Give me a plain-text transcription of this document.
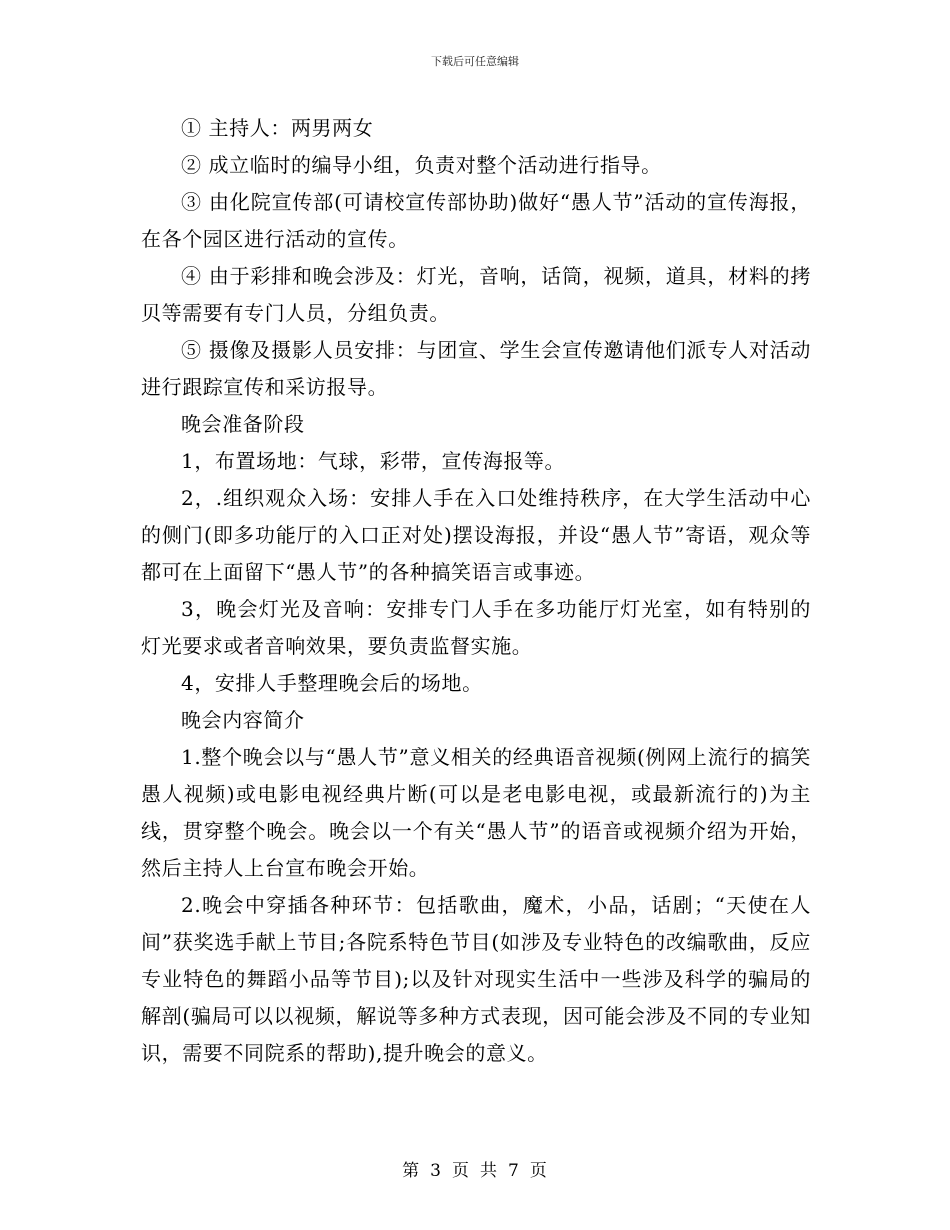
下载后可任意编辑

① 主持人：两男两女

② 成立临时的编导小组，负责对整个活动进行指导。

③ 由化院宣传部(可请校宣传部协助)做好“愚人节”活动的宣传海报，在各个园区进行活动的宣传。

④ 由于彩排和晚会涉及：灯光，音响，话筒，视频，道具，材料的拷贝等需要有专门人员，分组负责。

⑤ 摄像及摄影人员安排：与团宣、学生会宣传邀请他们派专人对活动进行跟踪宣传和采访报导。

晚会准备阶段

1，布置场地：气球，彩带，宣传海报等。

2，.组织观众入场：安排人手在入口处维持秩序，在大学生活动中心的侧门(即多功能厅的入口正对处)摆设海报，并设“愚人节”寄语，观众等都可在上面留下“愚人节”的各种搞笑语言或事迹。

3，晚会灯光及音响：安排专门人手在多功能厅灯光室，如有特别的灯光要求或者音响效果，要负责监督实施。

4，安排人手整理晚会后的场地。

晚会内容简介

1.整个晚会以与“愚人节”意义相关的经典语音视频(例网上流行的搞笑愚人视频)或电影电视经典片断(可以是老电影电视，或最新流行的)为主线，贯穿整个晚会。晚会以一个有关“愚人节”的语音或视频介绍为开始，然后主持人上台宣布晚会开始。

2.晚会中穿插各种环节：包括歌曲，魔术，小品，话剧；“天使在人间”获奖选手献上节目;各院系特色节目(如涉及专业特色的改编歌曲，反应专业特色的舞蹈小品等节目);以及针对现实生活中一些涉及科学的骗局的解剖(骗局可以以视频，解说等多种方式表现，因可能会涉及不同的专业知识，需要不同院系的帮助),提升晚会的意义。

第 3 页 共 7 页
